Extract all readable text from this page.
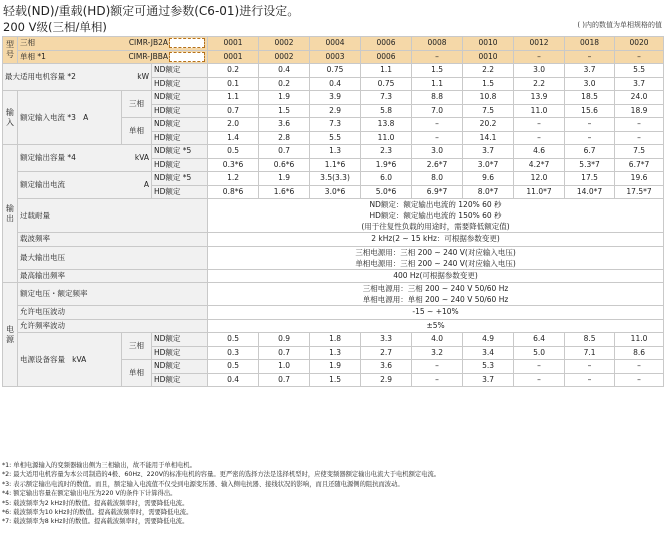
轻载(ND)/重载(HD)额定可通过参数(C6-01)进行设定。
200 V级(三相/单相)	( )内的数值为单相规格的值
型号	三相 CIMR-JB2A			0001	0002	0004	0006	0008	0010	0012	0018	0020
	单相 *1 CIMR-JBBA			0001	0002	0003	0006	–	0010	–	–	–
最大适用电机容量 *2 kW			ND额定	0.2	0.4	0.75	1.1	1.5	2.2	3.0	3.7	5.5
			HD额定	0.1	0.2	0.4	0.75	1.1	1.5	2.2	3.0	3.7
输入	额定输入电流 *3 A	三相	ND额定	1.1	1.9	3.9	7.3	8.8	10.8	13.9	18.5	24.0
			HD额定	0.7	1.5	2.9	5.8	7.0	7.5	11.0	15.6	18.9
		单相	ND额定	2.0	3.6	7.3	13.8	–	20.2	–	–	–
			HD额定	1.4	2.8	5.5	11.0	–	14.1	–	–	–
输出	额定输出容量 *4 kVA		ND额定 *5	0.5	0.7	1.3	2.3	3.0	3.7	4.6	6.7	7.5
			HD额定	0.3*6	0.6*6	1.1*6	1.9*6	2.6*7	3.0*7	4.2*7	5.3*7	6.7*7
	额定输出电流 A		ND额定 *5	1.2	1.9	3.5(3.3)	6.0	8.0	9.6	12.0	17.5	19.6
			HD额定	0.8*6	1.6*6	3.0*6	5.0*6	6.9*7	8.0*7	11.0*7	14.0*7	17.5*7
	过载耐量			ND额定：额定输出电流的 120% 60 秒
HD额定：额定输出电流的 150% 60 秒
(用于往复性负载的用途时，需要降低额定值)								

	载波频率			2 kHz(2 ~ 15 kHz：可根据参数变更)								
	最大输出电压			三相电源用：三相 200 ~ 240 V(对应输入电压)
单相电源用：三相 200 ~ 240 V(对应输入电压)								

	最高输出频率			400 Hz(可根据参数变更)								
电源	额定电压・额定频率			三相电源用：三相 200 ~ 240 V 50/60 Hz
单相电源用：单相 200 ~ 240 V 50/60 Hz								

	允许电压波动			-15 ~ +10%								
	允许频率波动			±5%								
	电源设备容量 kVA	三相	ND额定	0.5	0.9	1.8	3.3	4.0	4.9	6.4	8.5	11.0
			HD额定	0.3	0.7	1.3	2.7	3.2	3.4	5.0	7.1	8.6
		单相	ND额定	0.5	1.0	1.9	3.6	–	5.3	–	–	–
			HD额定	0.4	0.7	1.5	2.9	–	3.7	–	–	–
*1: 单相电源输入的变频器输出侧为三相输出，故不能用于单相电机。
*2: 最大适用电机容量为本公司制造的4极、60Hz、220V的标准电机的容量。更严密的选择方法是选择机型时，应使变频器额定输出电流大于电机额定电流。
*3: 表示额定输出电流时的数值。而且，额定输入电流值不仅受到电源变压器、输入侧电抗器、接线状况的影响，而且还随电源侧的阻抗而波动。
*4: 额定输出容量在额定输出电压为220 V的条件下计算得出。
*5: 载波频率为2 kHz时的数值。提高载波频率时，需要降低电流。
*6: 载波频率为10 kHz时的数值。提高载波频率时，需要降低电流。
*7: 载波频率为8 kHz时的数值。提高载波频率时，需要降低电流。
